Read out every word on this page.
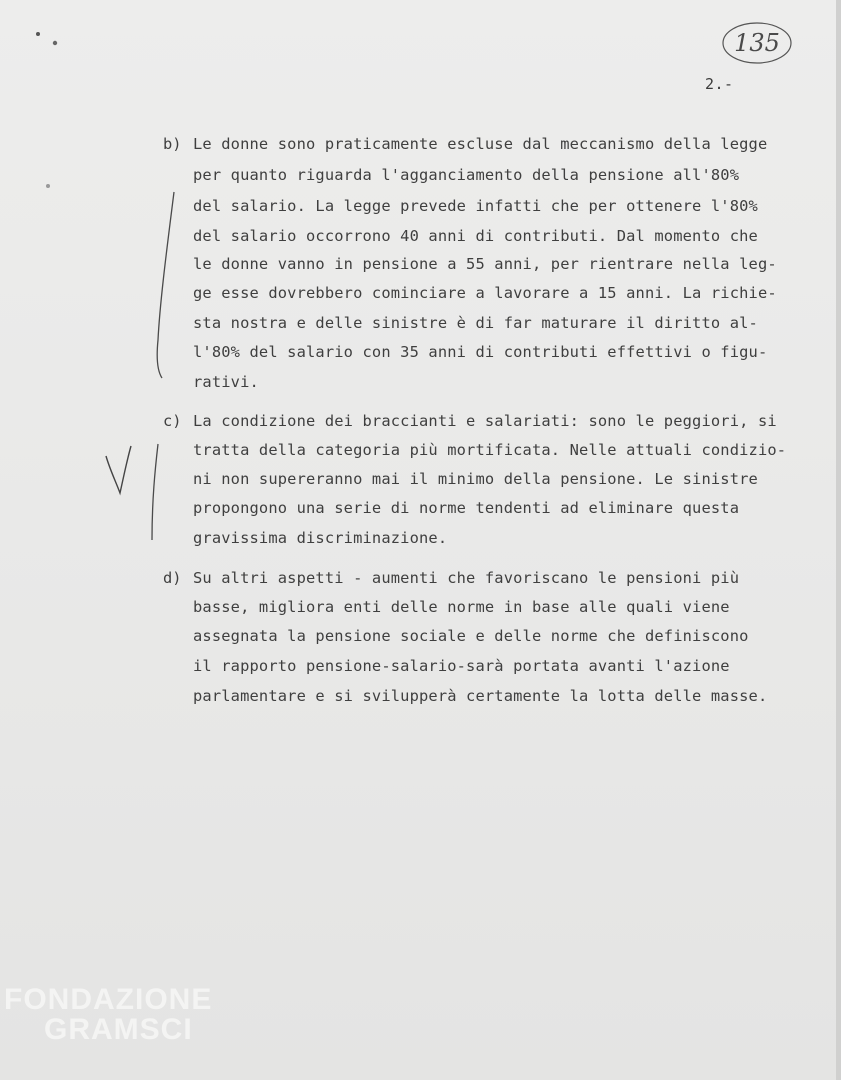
135
2.-
b) Le donne sono praticamente escluse dal meccanismo della legge
per quanto riguarda l'agganciamento della pensione all'80%
del salario. La legge prevede infatti che per ottenere l'80%
del salario occorrono 40 anni di contributi. Dal momento che
le donne vanno in pensione a 55 anni, per rientrare nella leg-
ge esse dovrebbero cominciare a lavorare a 15 anni. La richie-
sta nostra e delle sinistre è di far maturare il diritto al-
l'80% del salario con 35 anni di contributi effettivi o figu-
rativi.
c) La condizione dei braccianti e salariati: sono le peggiori, si
tratta della categoria più mortificata. Nelle attuali condizio-
ni non supereranno mai il minimo della pensione. Le sinistre
propongono una serie di norme tendenti ad eliminare questa
gravissima discriminazione.
d) Su altri aspetti - aumenti che favoriscano le pensioni più
basse, migliora enti delle norme in base alle quali viene
assegnata la pensione sociale e delle norme che definiscono
il rapporto pensione-salario-sarà portata avanti l'azione
parlamentare e si svilupperà certamente la lotta delle masse.
FONDAZIONE
GRAMSCI
